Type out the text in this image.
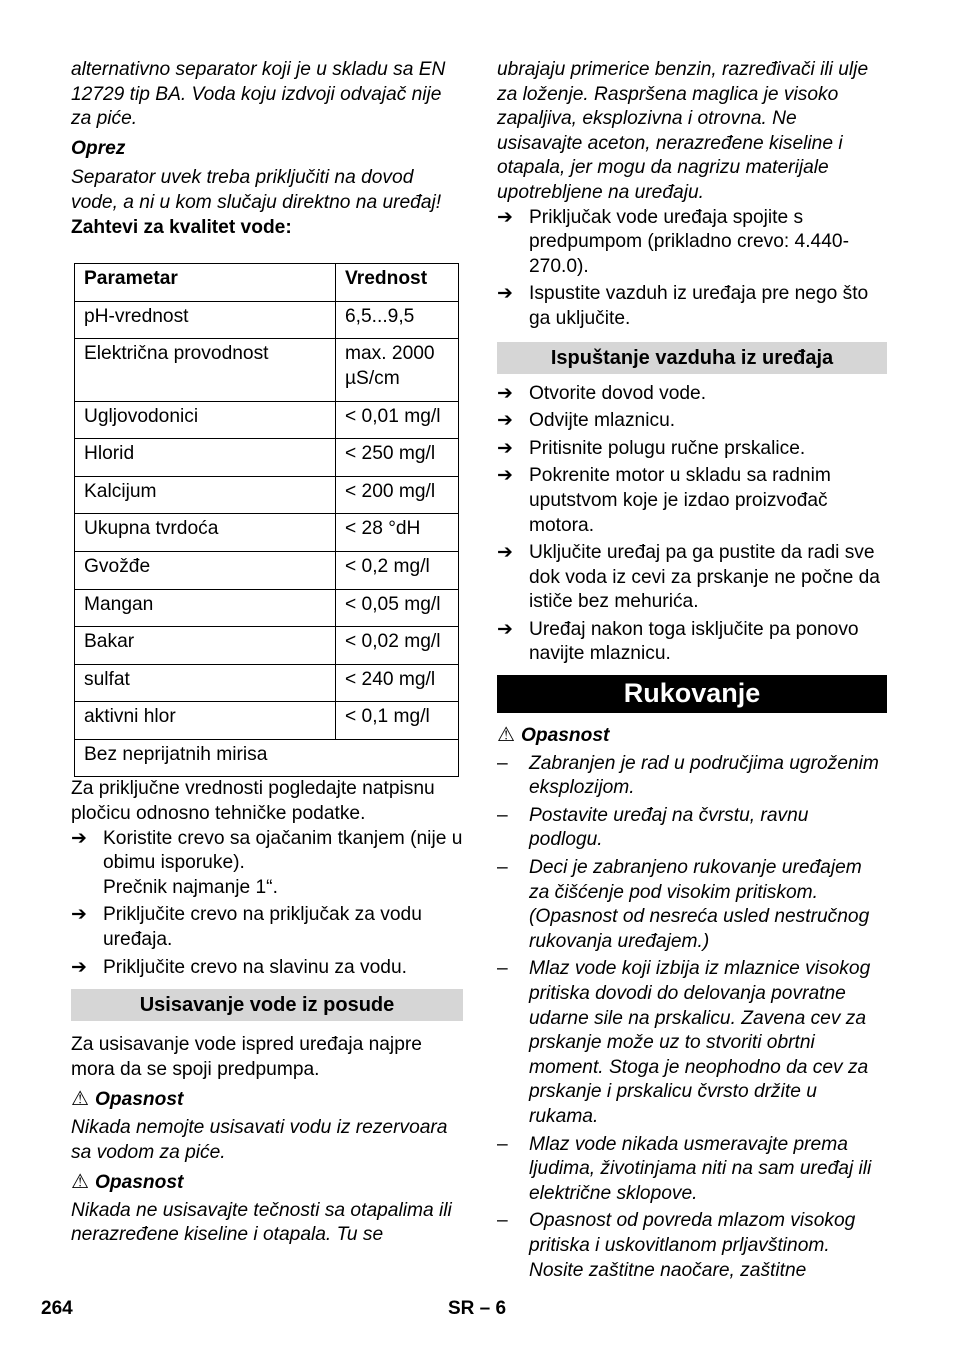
alternativno separator koji je u skladu sa EN 12729 tip BA. Voda koju izdvoji odvajač nije za piće.

Oprez

Separator uvek treba priključiti na dovod vode, a ni u kom slučaju direktno na uređaj!

Zahtevi za kvalitet vode:

Parametar	Vrednost
pH-vrednost	6,5...9,5
Električna provodnost	max. 2000 µS/cm
Ugljovodonici	< 0,01 mg/l
Hlorid	< 250 mg/l
Kalcijum	< 200 mg/l
Ukupna tvrdoća	< 28 °dH
Gvožđe	< 0,2 mg/l
Mangan	< 0,05 mg/l
Bakar	< 0,02 mg/l
sulfat	< 240 mg/l
aktivni hlor	< 0,1 mg/l
Bez neprijatnih mirisa	

Za priključne vrednosti pogledajte natpisnu pločicu odnosno tehničke podatke.

➔ Koristite crevo sa ojačanim tkanjem (nije u obimu isporuke).
Prečnik najmanje 1“.
➔ Priključite crevo na priključak za vodu uređaja.
➔ Priključite crevo na slavinu za vodu.
Usisavanje vode iz posude

Za usisavanje vode ispred uređaja najpre mora da se spoji predpumpa.

⚠ Opasnost

Nikada nemojte usisavati vodu iz rezervoara sa vodom za piće.

⚠ Opasnost

Nikada ne usisavajte tečnosti sa otapalima ili nerazređene kiseline i otapala. Tu se

ubrajaju primerice benzin, razređivači ili ulje za loženje. Raspršena maglica je visoko zapaljiva, eksplozivna i otrovna. Ne usisavajte aceton, nerazređene kiseline i otapala, jer mogu da nagrizu materijale upotrebljene na uređaju.

➔ Priključak vode uređaja spojite s predpumpom (prikladno crevo: 4.440-270.0).
➔ Ispustite vazduh iz uređaja pre nego što ga uključite.
Ispuštanje vazduha iz uređaja
➔ Otvorite dovod vode.
➔ Odvijte mlaznicu.
➔ Pritisnite polugu ručne prskalice.
➔ Pokrenite motor u skladu sa radnim uputstvom koje je izdao proizvođač motora.
➔ Uključite uređaj pa ga pustite da radi sve dok voda iz cevi za prskanje ne počne da ističe bez mehurića.
➔ Uređaj nakon toga isključite pa ponovo navijte mlaznicu.
Rukovanje

⚠ Opasnost

– Zabranjen je rad u područjima ugroženim eksplozijom.
– Postavite uređaj na čvrstu, ravnu podlogu.
– Deci je zabranjeno rukovanje uređajem za čišćenje pod visokim pritiskom. (Opasnost od nesreća usled nestručnog rukovanja uređajem.)
– Mlaz vode koji izbija iz mlaznice visokog pritiska dovodi do delovanja povratne udarne sile na prskalicu. Zavena cev za prskanje može uz to stvoriti obrtni moment. Stoga je neophodno da cev za prskanje i prskalicu čvrsto držite u rukama.
– Mlaz vode nikada usmeravajte prema ljudima, životinjama niti na sam uređaj ili električne sklopove.
– Opasnost od povreda mlazom visokog pritiska i uskovitlanom prljavštinom. Nosite zaštitne naočare, zaštitne
264	SR – 6
